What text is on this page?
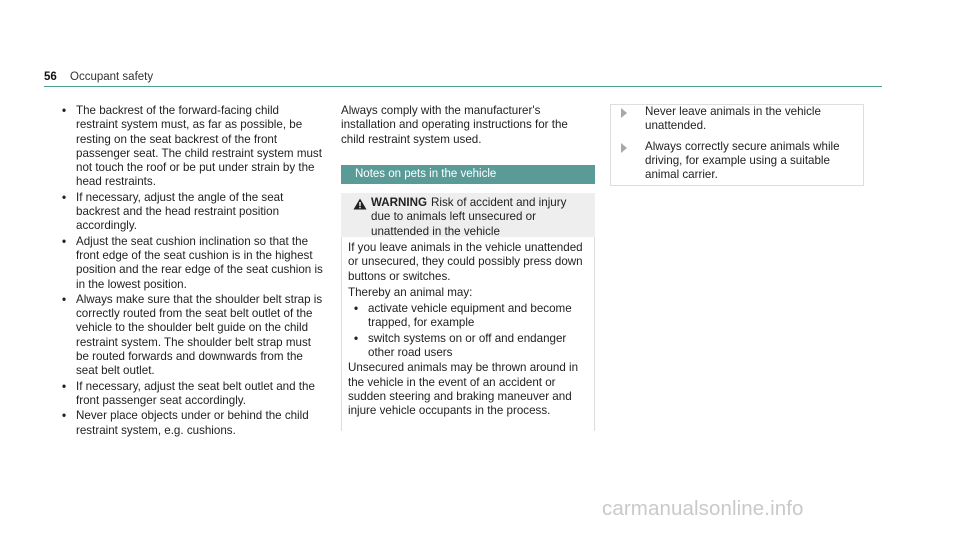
56 Occupant safety
• The backrest of the forward-facing child restraint system must, as far as possible, be resting on the seat backrest of the front passenger seat. The child restraint system must not touch the roof or be put under strain by the head restraints.
• If necessary, adjust the angle of the seat backrest and the head restraint position accordingly.
• Adjust the seat cushion inclination so that the front edge of the seat cushion is in the highest position and the rear edge of the seat cushion is in the lowest position.
• Always make sure that the shoulder belt strap is correctly routed from the seat belt outlet of the vehicle to the shoulder belt guide on the child restraint system. The shoulder belt strap must be routed forwards and downwards from the seat belt outlet.
• If necessary, adjust the seat belt outlet and the front passenger seat accordingly.
• Never place objects under or behind the child restraint system, e.g. cushions.

Always comply with the manufacturer's installation and operating instructions for the child restraint system used.

Notes on pets in the vehicle
WARNING Risk of accident and injury due to animals left unsecured or unattended in the vehicle

If you leave animals in the vehicle unattended or unsecured, they could possibly press down buttons or switches.

Thereby an animal may:

• activate vehicle equipment and become trapped, for example
• switch systems on or off and endanger other road users

Unsecured animals may be thrown around in the vehicle in the event of an accident or sudden steering and braking maneuver and injure vehicle occupants in the process.

Never leave animals in the vehicle unattended.
Always correctly secure animals while driving, for example using a suitable animal carrier.
carmanualsonline.info
